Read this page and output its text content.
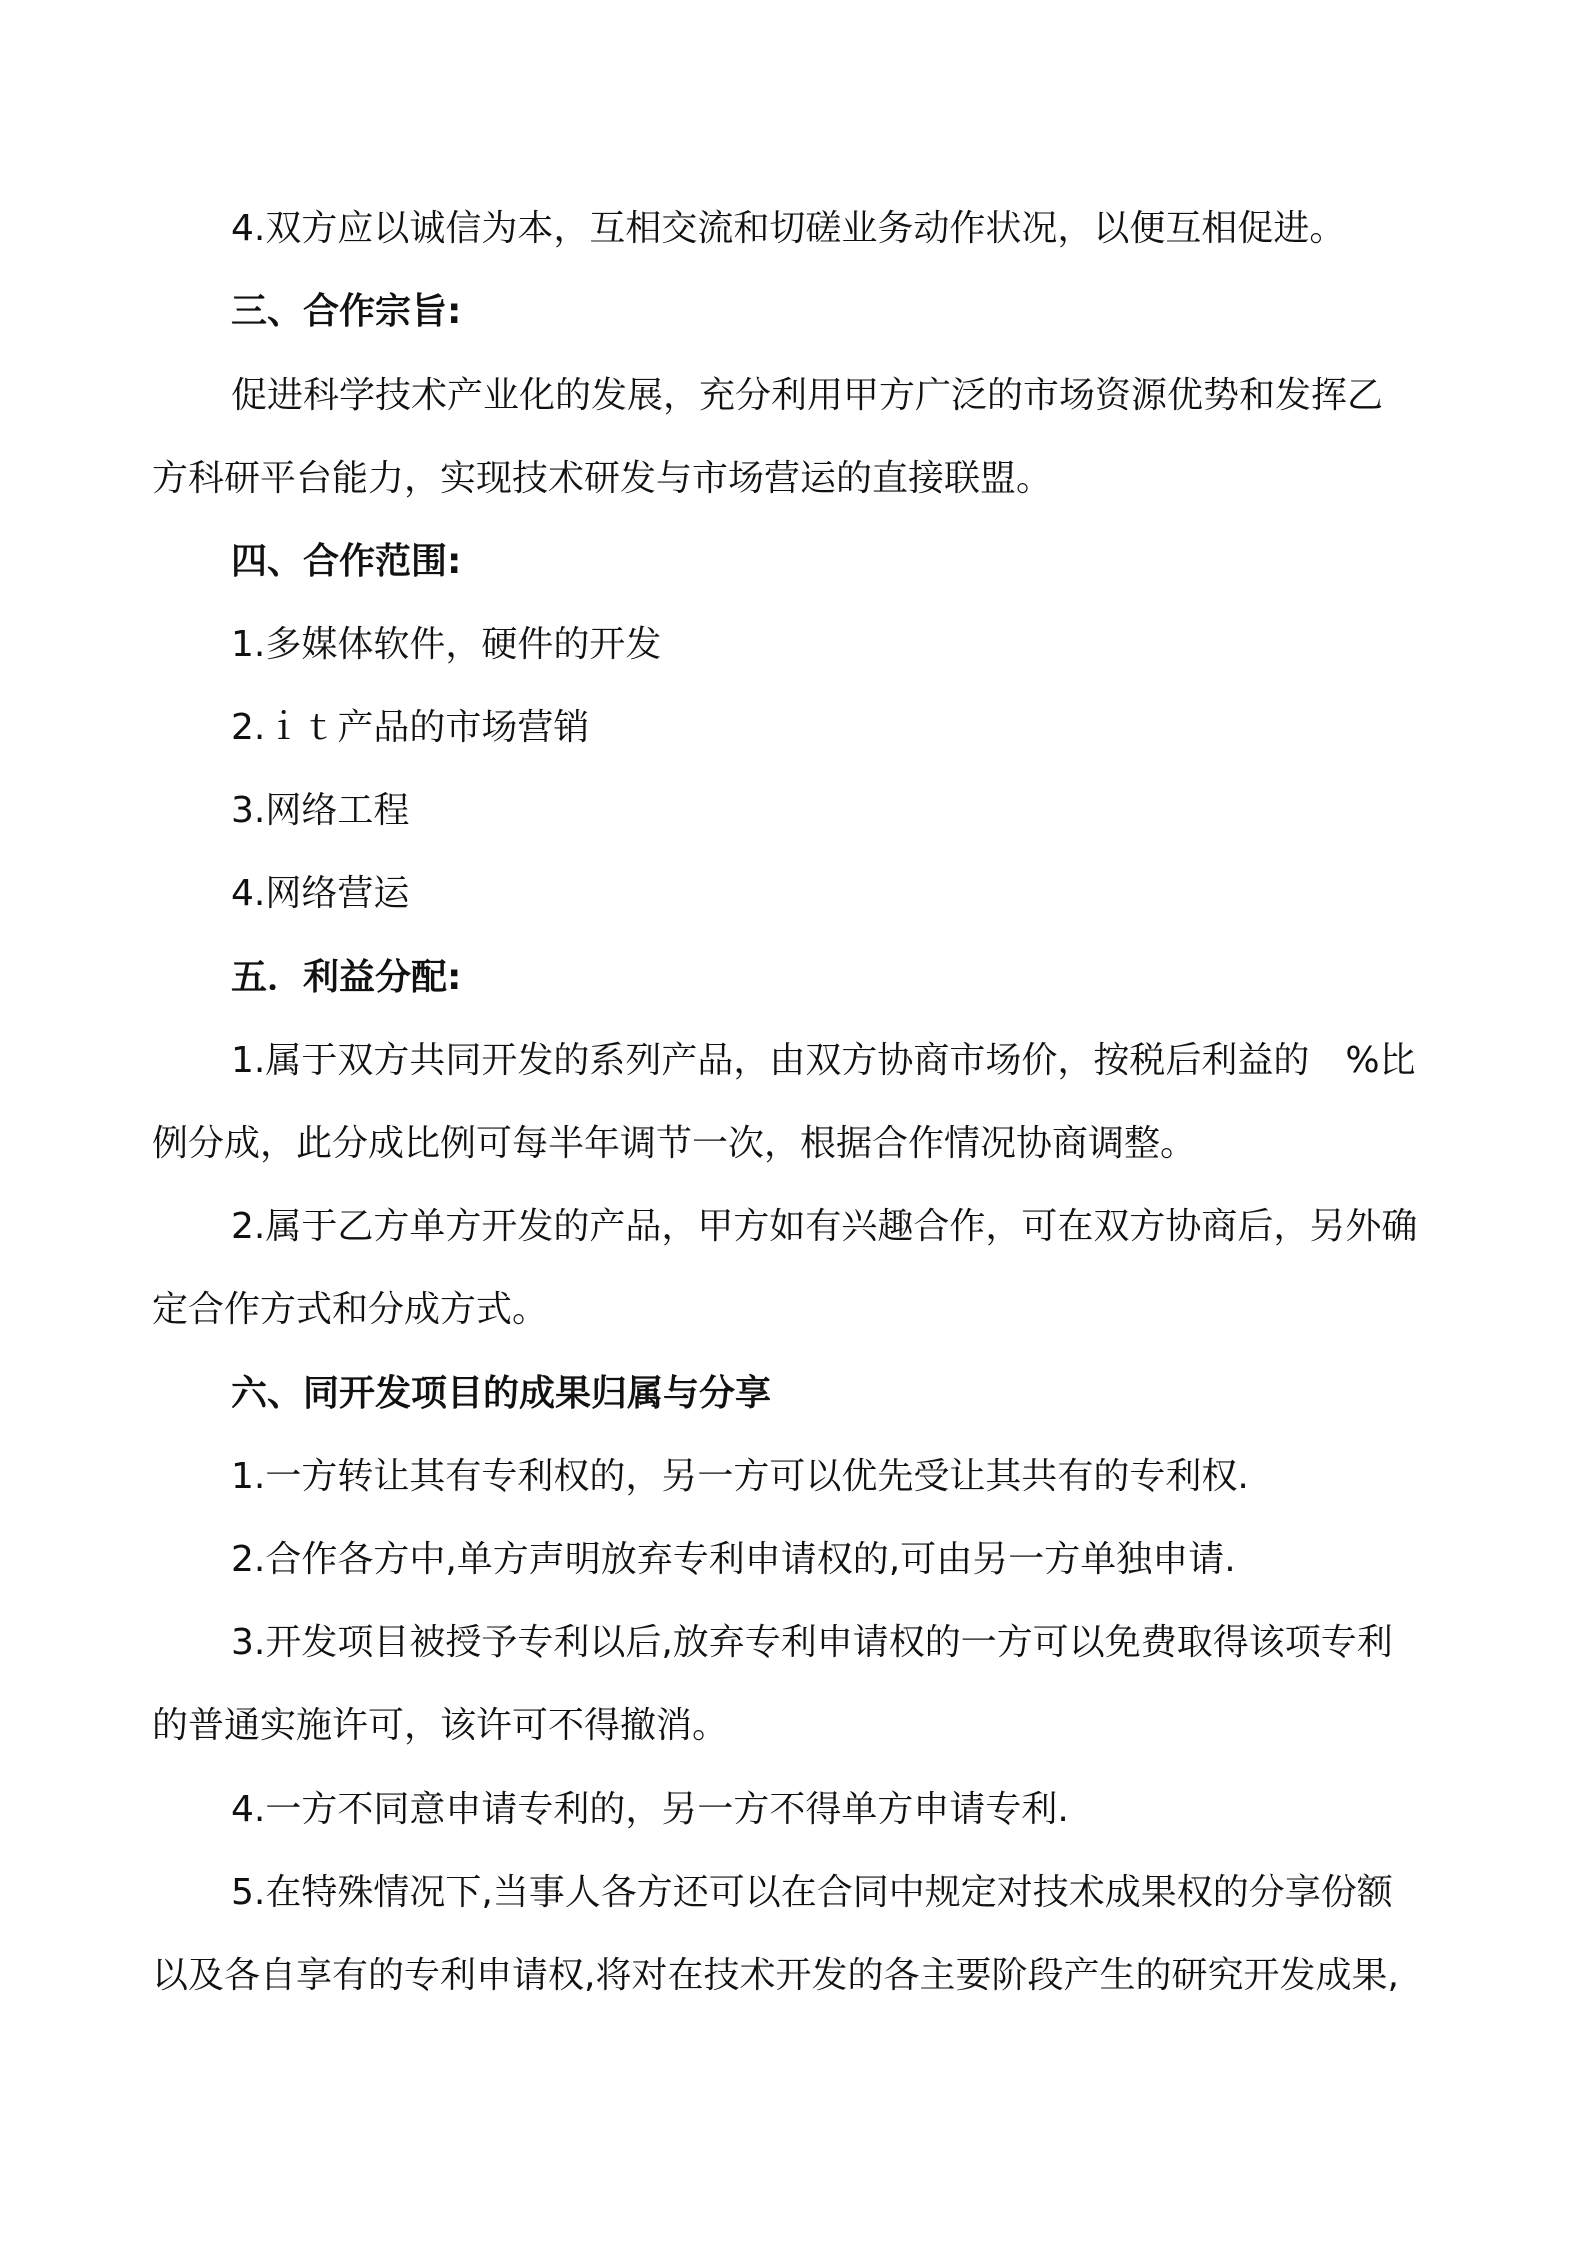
4.双方应以诚信为本，互相交流和切磋业务动作状况，以便互相促进。
三、合作宗旨:
促进科学技术产业化的发展，充分利用甲方广泛的市场资源优势和发挥乙
方科研平台能力，实现技术研发与市场营运的直接联盟。
四、合作范围:
1.多媒体软件，硬件的开发
2.ｉｔ产品的市场营销
3.网络工程
4.网络营运
五．利益分配:
1.属于双方共同开发的系列产品，由双方协商市场价，按税后利益的　%比
例分成，此分成比例可每半年调节一次，根据合作情况协商调整。
2.属于乙方单方开发的产品，甲方如有兴趣合作，可在双方协商后，另外确
定合作方式和分成方式。
六、同开发项目的成果归属与分享
1.一方转让其有专利权的，另一方可以优先受让其共有的专利权.
2.合作各方中,单方声明放弃专利申请权的,可由另一方单独申请.
3.开发项目被授予专利以后,放弃专利申请权的一方可以免费取得该项专利
的普通实施许可，该许可不得撤消。
4.一方不同意申请专利的，另一方不得单方申请专利.
5.在特殊情况下,当事人各方还可以在合同中规定对技术成果权的分享份额
以及各自享有的专利申请权,将对在技术开发的各主要阶段产生的研究开发成果,
